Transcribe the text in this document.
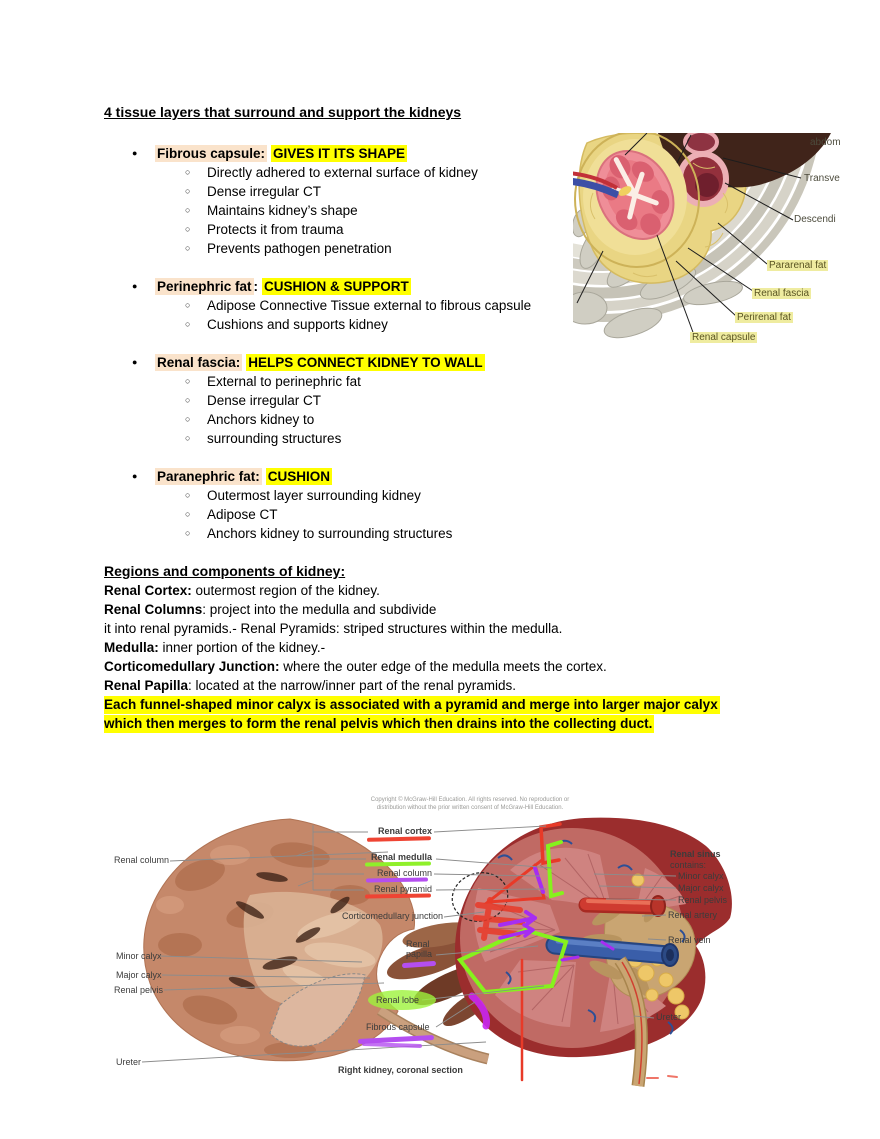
4 tissue layers that surround and support the kidneys
● Fibrous capsule: GIVES IT ITS SHAPE
○ Directly adhered to external surface of kidney
○ Dense irregular CT
○ Maintains kidney’s shape
○ Protects it from trauma
○ Prevents pathogen penetration
● Perinephric fat : CUSHION & SUPPORT
○ Adipose Connective Tissue external to fibrous capsule
○ Cushions and supports kidney
● Renal fascia: HELPS CONNECT KIDNEY TO WALL
○ External to perinephric fat
○ Dense irregular CT
○ Anchors kidney to
○ surrounding structures
● Paranephric fat: CUSHION
○ Outermost layer surrounding kidney
○ Adipose CT
○ Anchors kidney to surrounding structures
Regions and components of kidney:
Renal Cortex: outermost region of the kidney.
Renal Columns: project into the medulla and subdivide
it into renal pyramids.- Renal Pyramids: striped structures within the medulla.
Medulla: inner portion of the kidney.-
Corticomedullary Junction: where the outer edge of the medulla meets the cortex.
Renal Papilla: located at the narrow/inner part of the renal pyramids.
Each funnel-shaped minor calyx is associated with a pyramid and merge into larger major calyx
which then merges to form the renal pelvis which then drains into the collecting duct.
abdom
Transve
Descendi
Pararenal fat
Renal fascia
Perirenal fat
Renal capsule
Copyright © McGraw-Hill Education. All rights reserved. No reproduction or
distribution without the prior written consent of McGraw-Hill Education.
Renal column
Minor calyx
Major calyx
Renal pelvis
Ureter
Renal cortex
Renal medulla
Renal column
Renal pyramid
Corticomedullary junction
Renal
papilla
Renal lobe
Fibrous capsule
Right kidney, coronal section
Renal sinus
contains:
Minor calyx
Major calyx
Renal pelvis
Renal artery
Renal vein
Ureter
